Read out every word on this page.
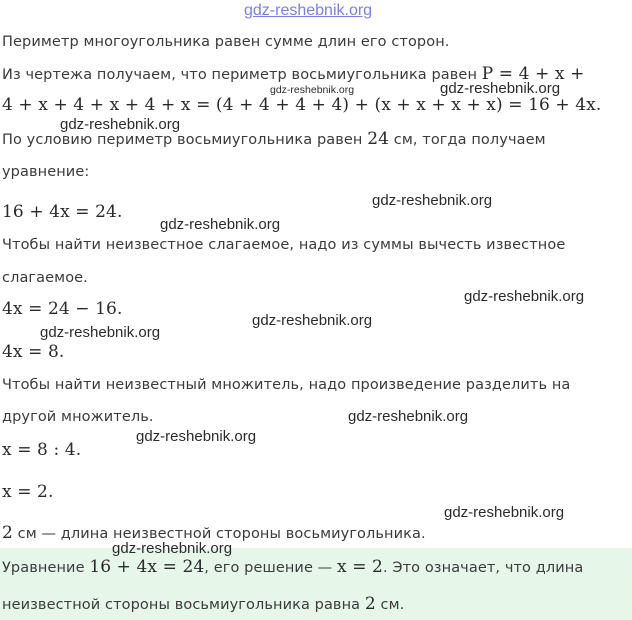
gdz-reshebnik.org
Периметр многоугольника равен сумме длин его сторон.
Из чертежа получаем, что периметр восьмиугольника равен P = 4 + x +
4 + x + 4 + x + 4 + x = (4 + 4 + 4 + 4) + (x + x + x + x) = 16 + 4x.
По условию периметр восьмиугольника равен 24 см, тогда получаем
уравнение:
16 + 4x = 24.
Чтобы найти неизвестное слагаемое, надо из суммы вычесть известное
слагаемое.
4x = 24 − 16.
4x = 8.
Чтобы найти неизвестный множитель, надо произведение разделить на
другой множитель.
x = 8 : 4.
x = 2.
2 см — длина неизвестной стороны восьмиугольника.
Уравнение 16 + 4x = 24, его решение — x = 2. Это означает, что длина
неизвестной стороны восьмиугольника равна 2 см.
gdz-reshebnik.org	gdz-reshebnik.org
gdz-reshebnik.org
gdz-reshebnik.org
gdz-reshebnik.org
gdz-reshebnik.org
gdz-reshebnik.org
gdz-reshebnik.org
gdz-reshebnik.org
gdz-reshebnik.org
gdz-reshebnik.org
gdz-reshebnik.org
